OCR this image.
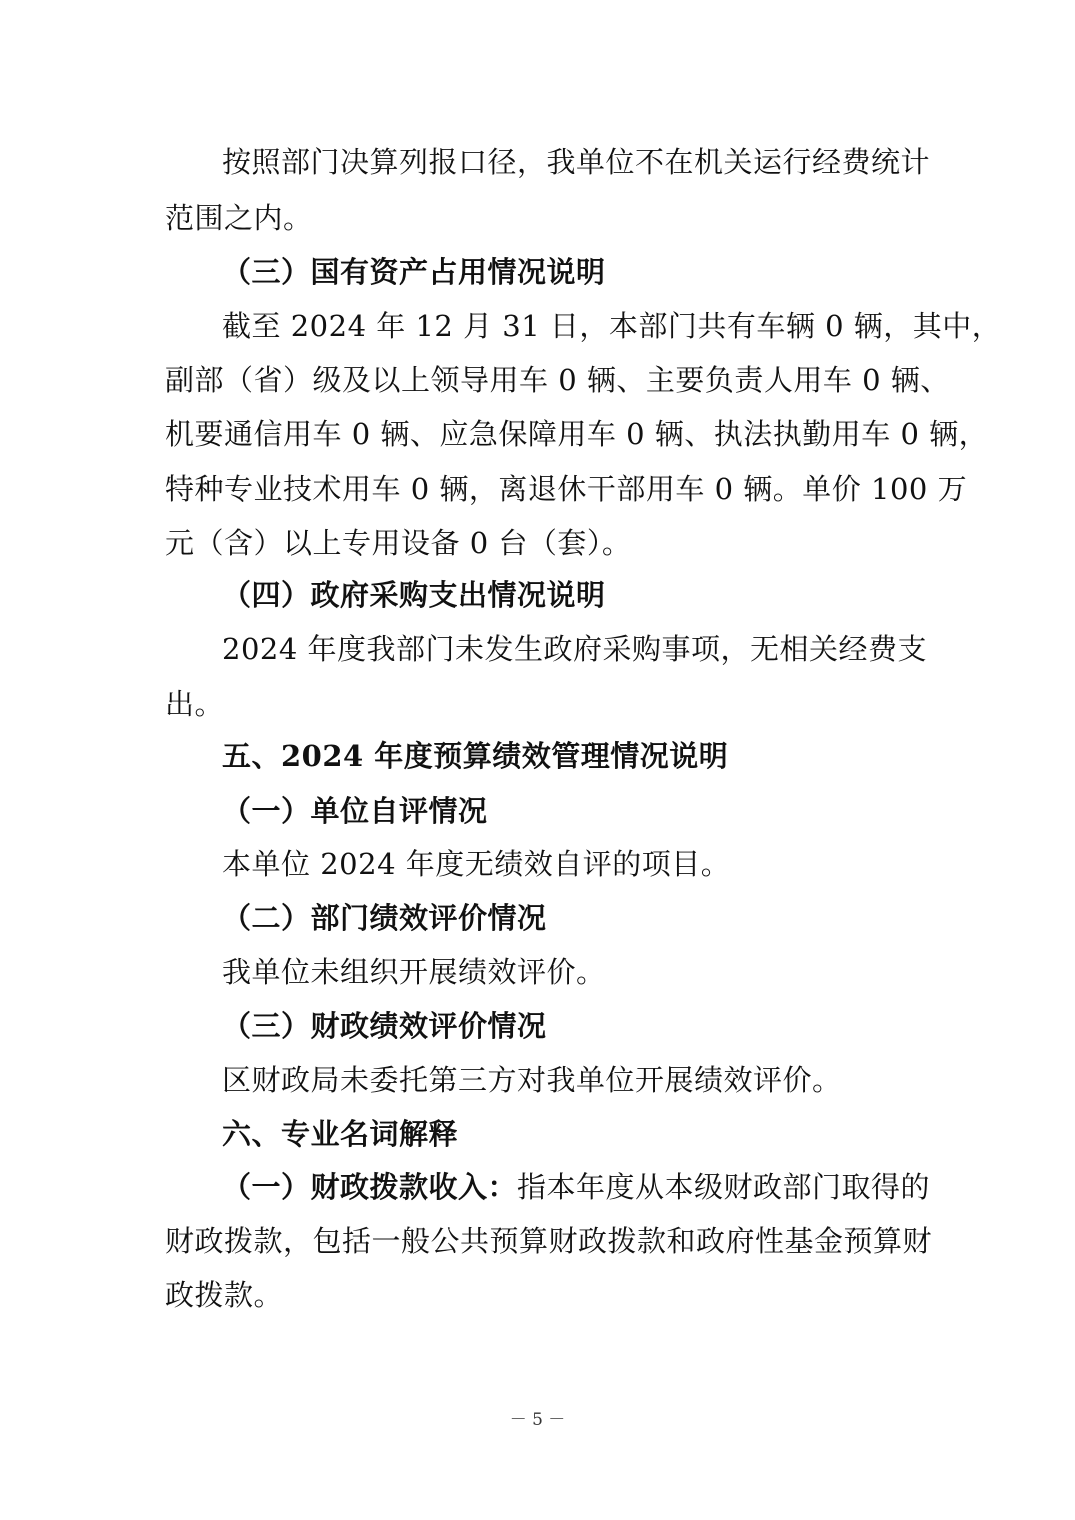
按照部门决算列报口径，我单位不在机关运行经费统计
范围之内。
（三）国有资产占用情况说明
截至 2024 年 12 月 31 日，本部门共有车辆 0 辆，其中，
副部（省）级及以上领导用车 0 辆、主要负责人用车 0 辆、
机要通信用车 0 辆、应急保障用车 0 辆、执法执勤用车 0 辆，
特种专业技术用车 0 辆，离退休干部用车 0 辆。单价 100 万
元（含）以上专用设备 0 台（套）。
（四）政府采购支出情况说明
2024 年度我部门未发生政府采购事项，无相关经费支
出。
五、2024 年度预算绩效管理情况说明
（一）单位自评情况
本单位 2024 年度无绩效自评的项目。
（二）部门绩效评价情况
我单位未组织开展绩效评价。
（三）财政绩效评价情况
区财政局未委托第三方对我单位开展绩效评价。
六、专业名词解释
（一）财政拨款收入：指本年度从本级财政部门取得的
财政拨款，包括一般公共预算财政拨款和政府性基金预算财
政拨款。
－ 5 －
